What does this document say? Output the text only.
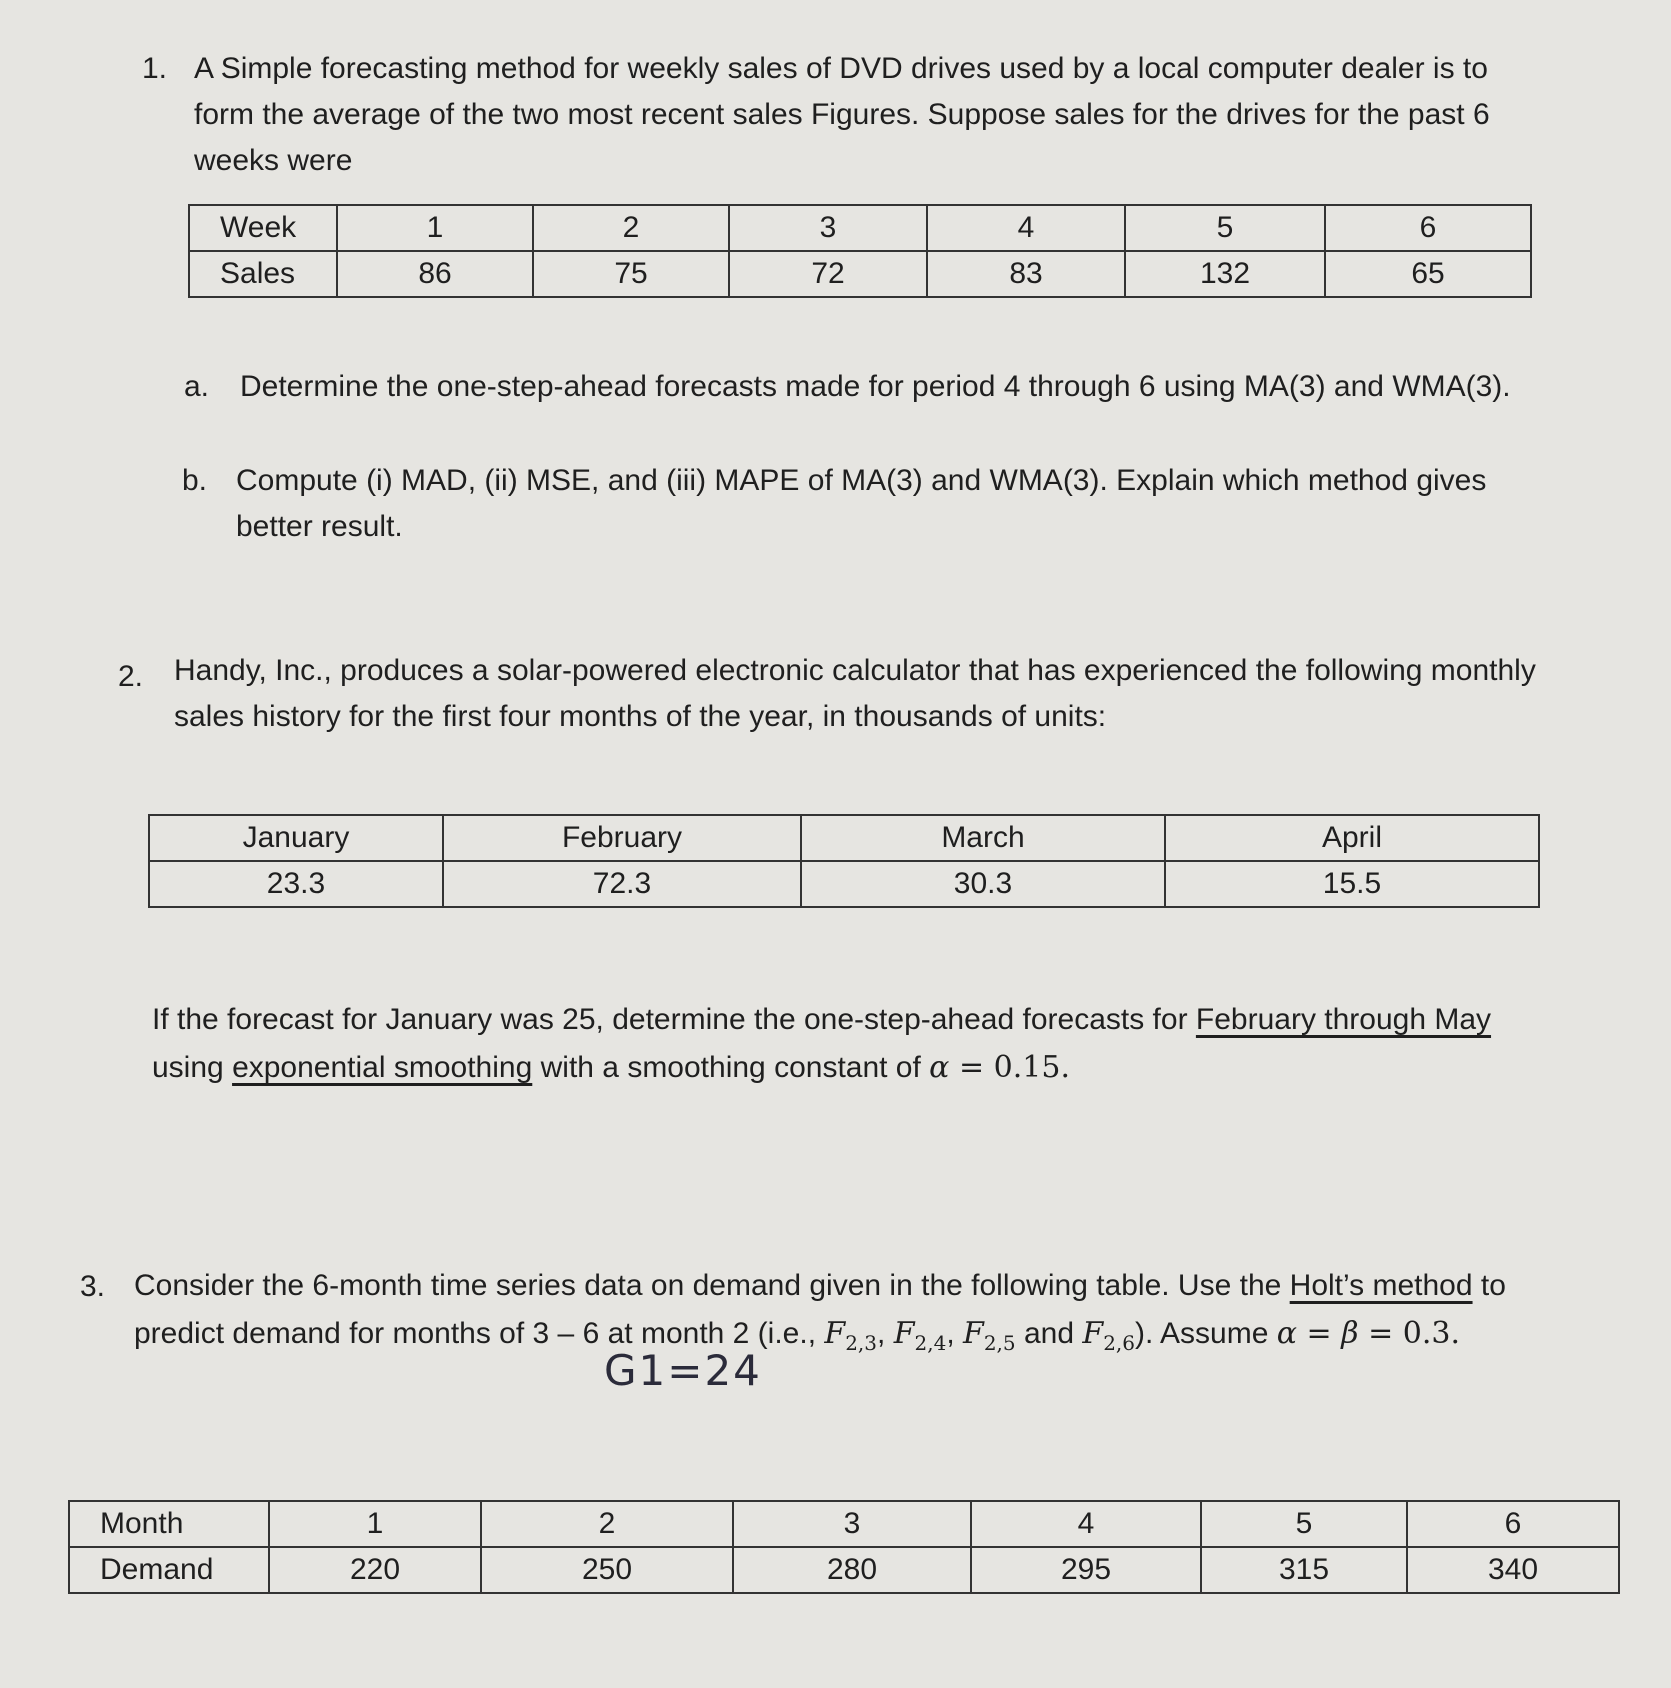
1. A Simple forecasting method for weekly sales of DVD drives used by a local computer dealer is to form the average of the two most recent sales Figures. Suppose sales for the drives for the past 6 weeks were
Week	1	2	3	4	5	6
Sales	86	75	72	83	132	65
a. Determine the one-step-ahead forecasts made for period 4 through 6 using MA(3) and WMA(3).
b. Compute (i) MAD, (ii) MSE, and (iii) MAPE of MA(3) and WMA(3). Explain which method gives better result.
2. Handy, Inc., produces a solar-powered electronic calculator that has experienced the following monthly sales history for the first four months of the year, in thousands of units:
January	February	March	April
23.3	72.3	30.3	15.5
If the forecast for January was 25, determine the one-step-ahead forecasts for February through May using exponential smoothing with a smoothing constant of α = 0.15.
3. Consider the 6-month time series data on demand given in the following table. Use the Holt’s method to predict demand for months of 3 – 6 at month 2 (i.e., $F_{2,3}$, $F_{2,4}$, $F_{2,5}$ and $F_{2,6}$). Assume α = β = 0.3.
G1=24
Month	1	2	3	4	5	6
Demand	220	250	280	295	315	340
